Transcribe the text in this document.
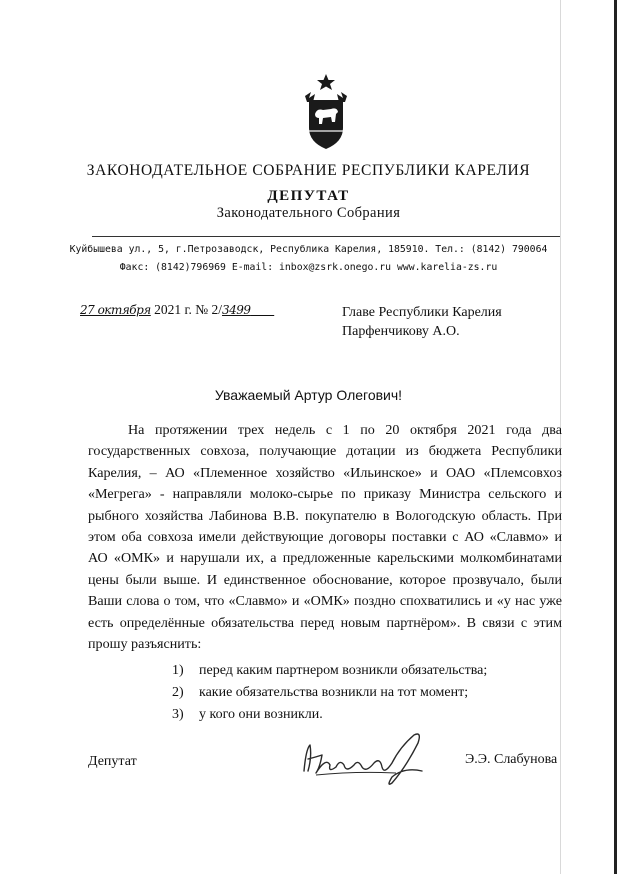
ЗАКОНОДАТЕЛЬНОЕ СОБРАНИЕ РЕСПУБЛИКИ КАРЕЛИЯ
ДЕПУТАТ
Законодательного Собрания
Куйбышева ул., 5, г.Петрозаводск, Республика Карелия, 185910. Тел.: (8142) 790064
Факс: (8142)796969 E-mail: inbox@zsrk.onego.ru www.karelia-zs.ru
27 октября 2021 г. № 2/3499	Главе Республики Карелия
Парфенчикову А.О.
Уважаемый Артур Олегович!

На протяжении трех недель с 1 по 20 октября 2021 года два государственных совхоза, получающие дотации из бюджета Республики Карелия, – АО «Племенное хозяйство «Ильинское» и ОАО «Племсовхоз «Мегрега» - направляли молоко-сырье по приказу Министра сельского и рыбного хозяйства Лабинова В.В. покупателю в Вологодскую область. При этом оба совхоза имели действующие договоры поставки с АО «Славмо» и АО «ОМК» и нарушали их, а предложенные карельскими молкомбинатами цены были выше. И единственное обоснование, которое прозвучало, были Ваши слова о том, что «Славмо» и «ОМК» поздно спохватились и «у нас уже есть определённые обязательства перед новым партнёром». В связи с этим прошу разъяснить:

1) перед каким партнером возникли обязательства;
2) какие обязательства возникли на тот момент;
3) у кого они возникли.
Депутат	Э.Э. Слабунова
